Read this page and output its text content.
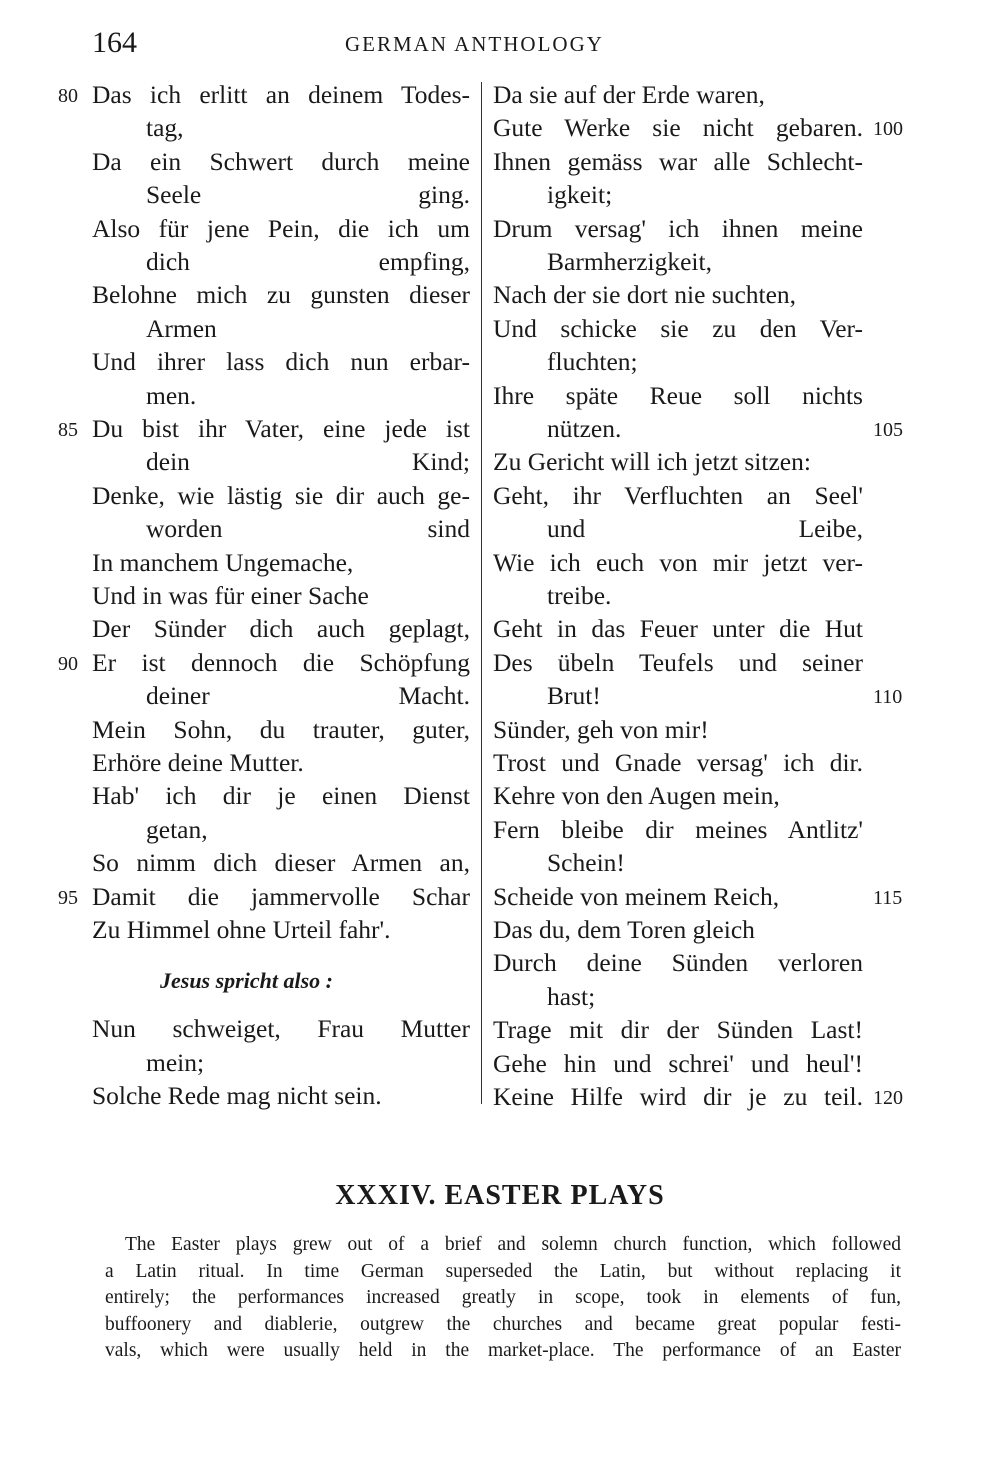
164	GERMAN ANTHOLOGY
Das ich erlitt an deinem Todes-
80
tag,
Da ein Schwert durch meine
Seele ging.
Also für jene Pein, die ich um
dich empfing,
Belohne mich zu gunsten dieser
Armen
Und ihrer lass dich nun erbar-
men.
Du bist ihr Vater, eine jede ist
85
dein Kind;
Denke, wie lästig sie dir auch ge-
worden sind
In manchem Ungemache,
Und in was für einer Sache
Der Sünder dich auch geplagt,
Er ist dennoch die Schöpfung
90
deiner Macht.
Mein Sohn, du trauter, guter,
Erhöre deine Mutter.
Hab' ich dir je einen Dienst
getan,
So nimm dich dieser Armen an,
Damit die jammervolle Schar
95
Zu Himmel ohne Urteil fahr'.
Nun schweiget, Frau Mutter
mein;
Solche Rede mag nicht sein.
Da sie auf der Erde waren,
Gute Werke sie nicht gebaren. 100
Ihnen gemäss war alle Schlecht-
igkeit;
Drum versag' ich ihnen meine
Barmherzigkeit,
Nach der sie dort nie suchten,
Und schicke sie zu den Ver-
fluchten;
Ihre späte Reue soll nichts
nützen.	105
Zu Gericht will ich jetzt sitzen:
Geht, ihr Verfluchten an Seel'
und Leibe,
Wie ich euch von mir jetzt ver-
treibe.
Geht in das Feuer unter die Hut
Des übeln Teufels und seiner
Brut!	110
Sünder, geh von mir!
Trost und Gnade versag' ich dir.
Kehre von den Augen mein,
Fern bleibe dir meines Antlitz'
Schein!
Scheide von meinem Reich,	115
Das du, dem Toren gleich
Durch deine Sünden verloren
hast;
Trage mit dir der Sünden Last!
Gehe hin und schrei' und heul'!
Keine Hilfe wird dir je zu teil. 120
Jesus spricht also :
XXXIV. EASTER PLAYS
The Easter plays grew out of a brief and solemn church function, which followed
a Latin ritual. In time German superseded the Latin, but without replacing it
entirely; the performances increased greatly in scope, took in elements of fun,
buffoonery and diablerie, outgrew the churches and became great popular festi-
vals, which were usually held in the market-place. The performance of an Easter
